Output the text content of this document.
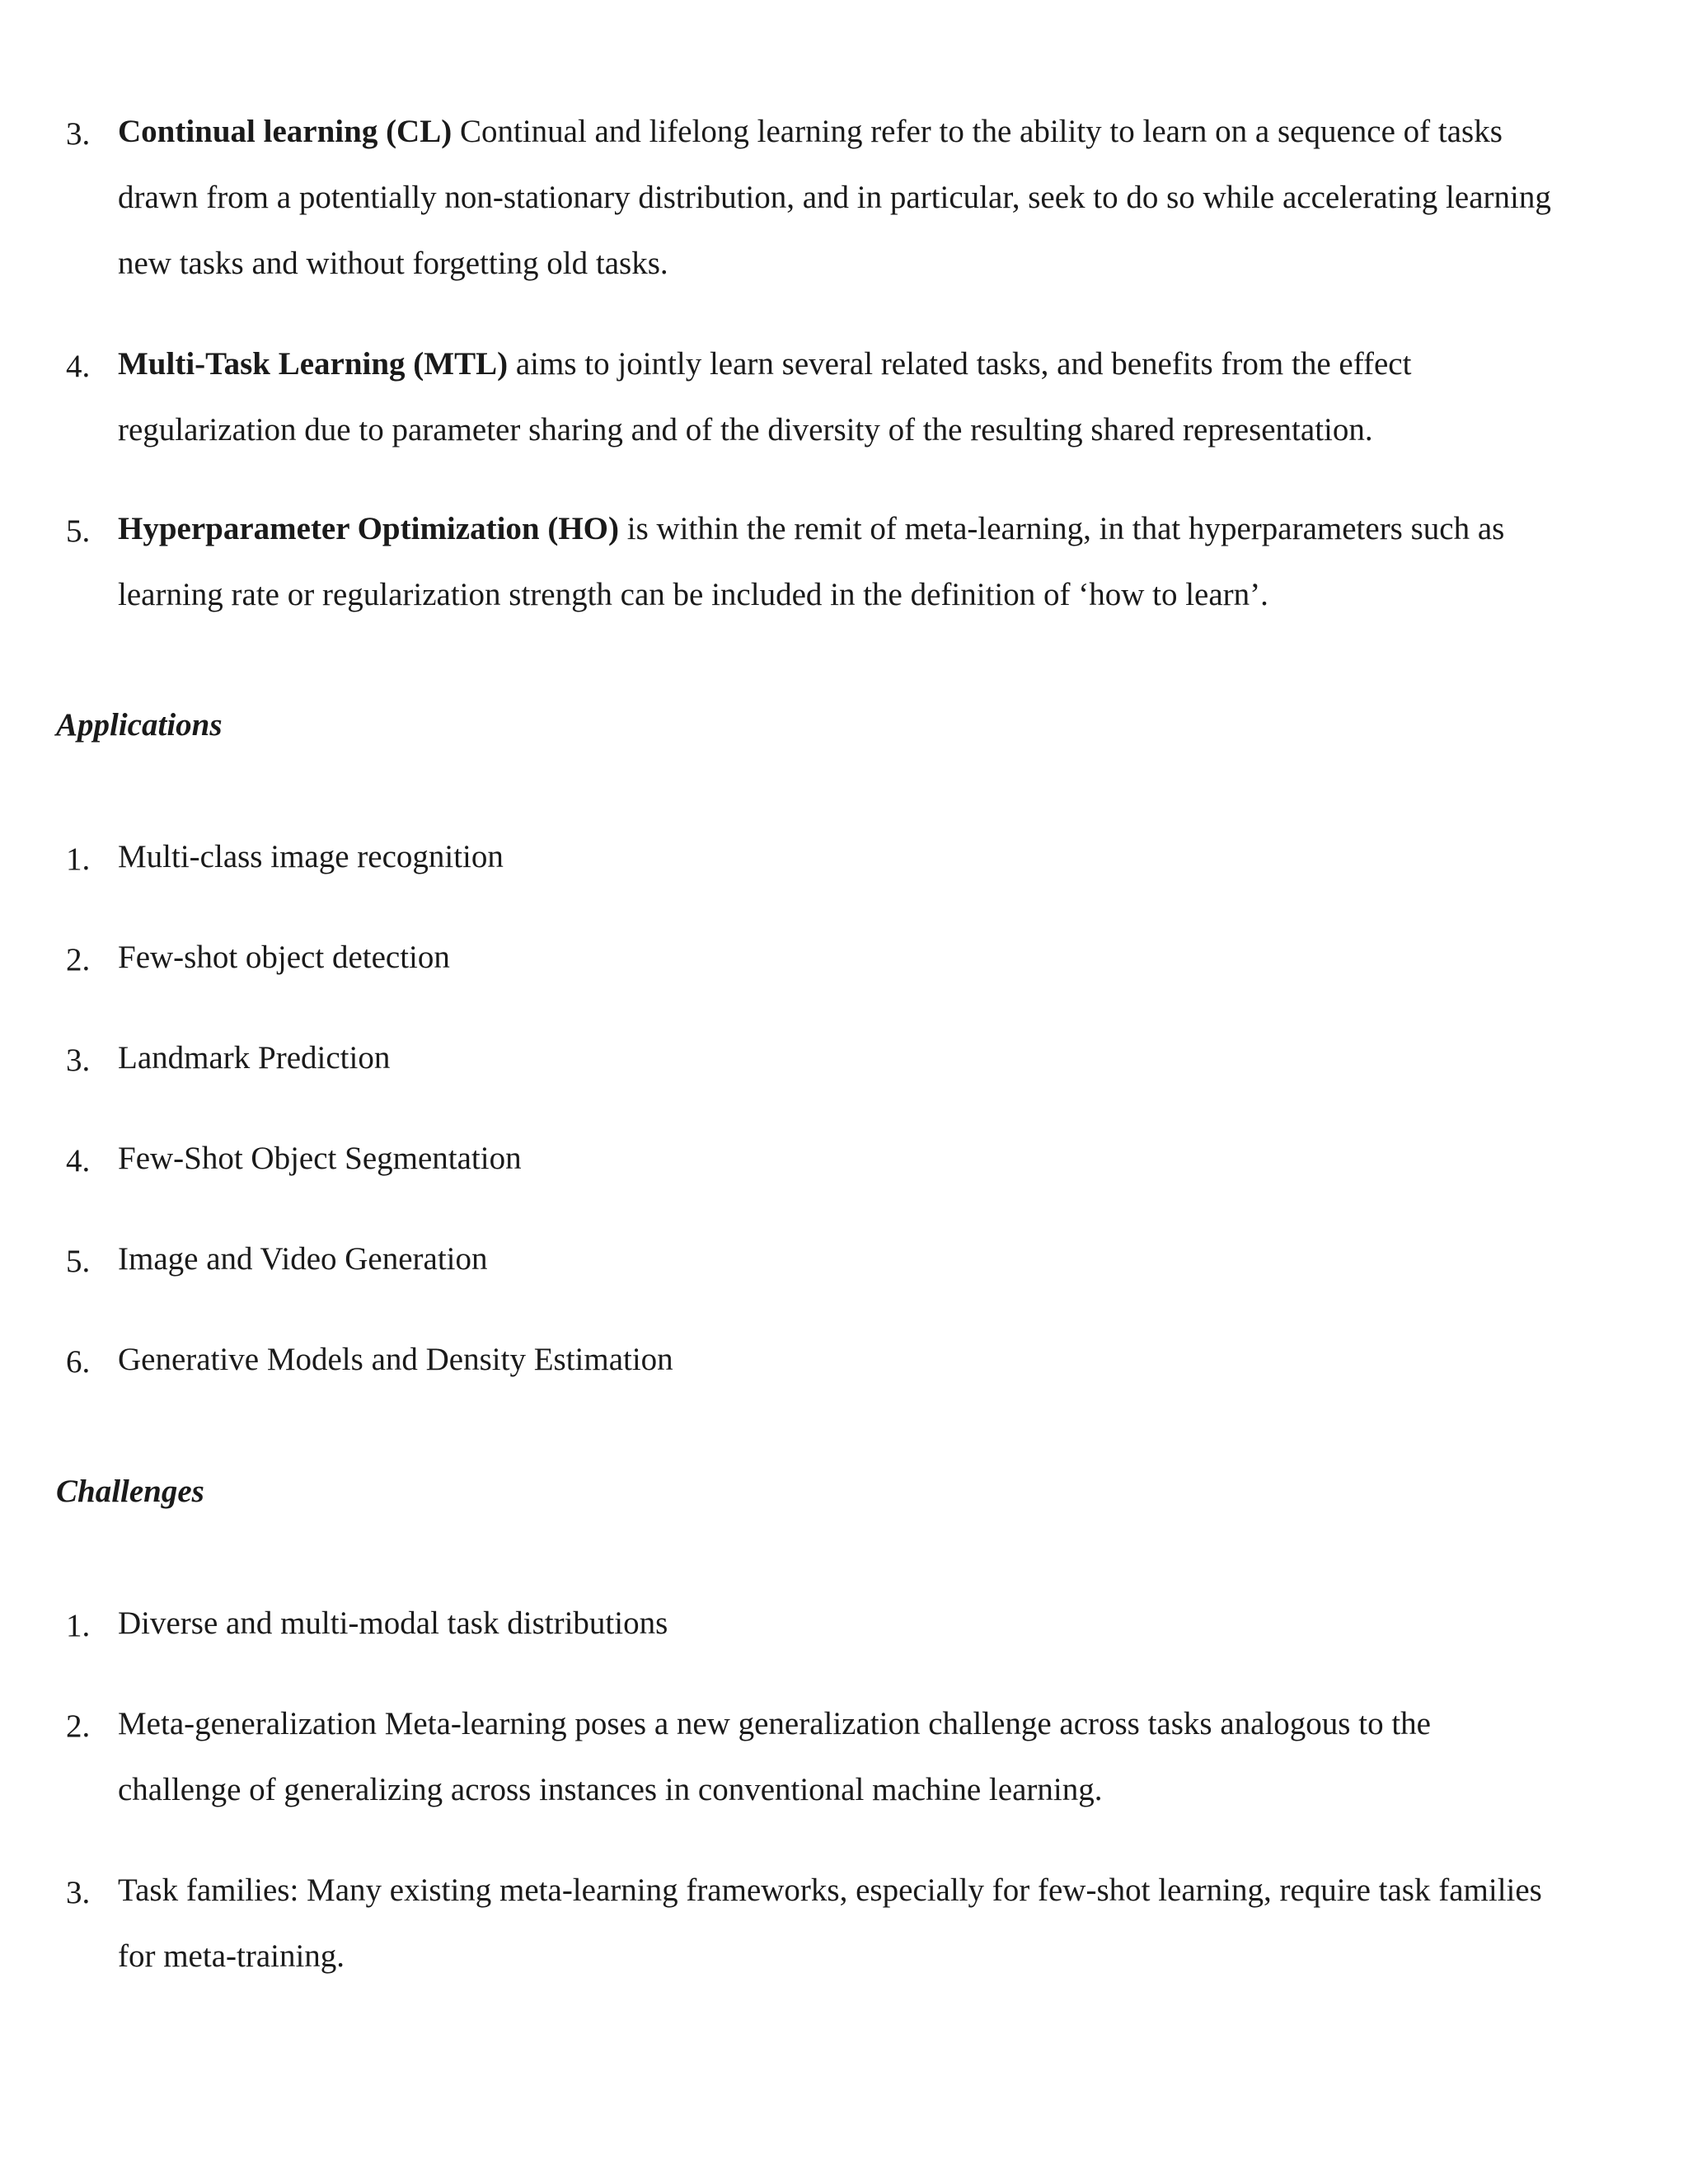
3. Continual learning (CL) Continual and lifelong learning refer to the ability to learn on a sequence of tasks
drawn from a potentially non-stationary distribution, and in particular, seek to do so while accelerating learning
new tasks and without forgetting old tasks.
4. Multi-Task Learning (MTL) aims to jointly learn several related tasks, and benefits from the effect
regularization due to parameter sharing and of the diversity of the resulting shared representation.
5. Hyperparameter Optimization (HO) is within the remit of meta-learning, in that hyperparameters such as
learning rate or regularization strength can be included in the definition of ‘how to learn’.
Applications
1. Multi-class image recognition
2. Few-shot object detection
3. Landmark Prediction
4. Few-Shot Object Segmentation
5. Image and Video Generation
6. Generative Models and Density Estimation
Challenges
1. Diverse and multi-modal task distributions
2. Meta-generalization Meta-learning poses a new generalization challenge across tasks analogous to the
challenge of generalizing across instances in conventional machine learning.
3. Task families: Many existing meta-learning frameworks, especially for few-shot learning, require task families
for meta-training.
